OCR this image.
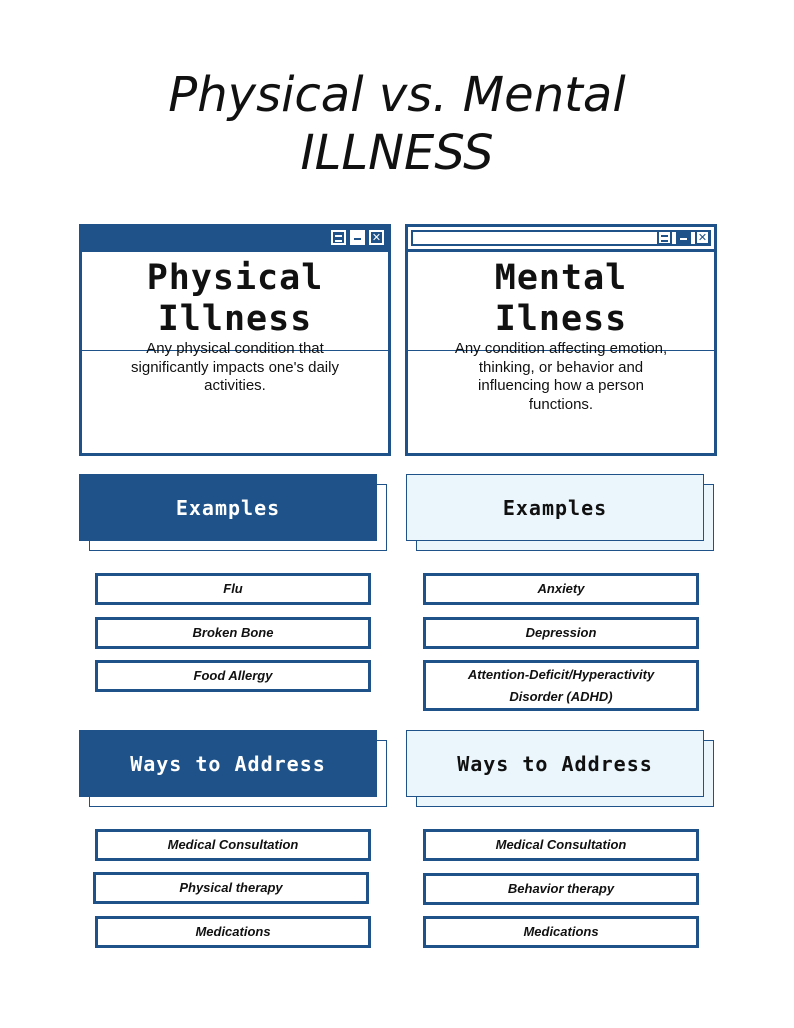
Physical vs. Mental
ILLNESS
✕
Physical
Illness
Any physical condition that significantly impacts one's daily activities.
✕
Mental
Ilness
Any condition affecting emotion, thinking, or behavior and influencing how a person functions.
Examples	Examples
Flu
Broken Bone
Food Allergy
Anxiety
Depression
Attention-Deficit/Hyperactivity Disorder (ADHD)
Ways to Address	Ways to Address
Medical Consultation
Physical therapy
Medications
Medical Consultation
Behavior therapy
Medications
